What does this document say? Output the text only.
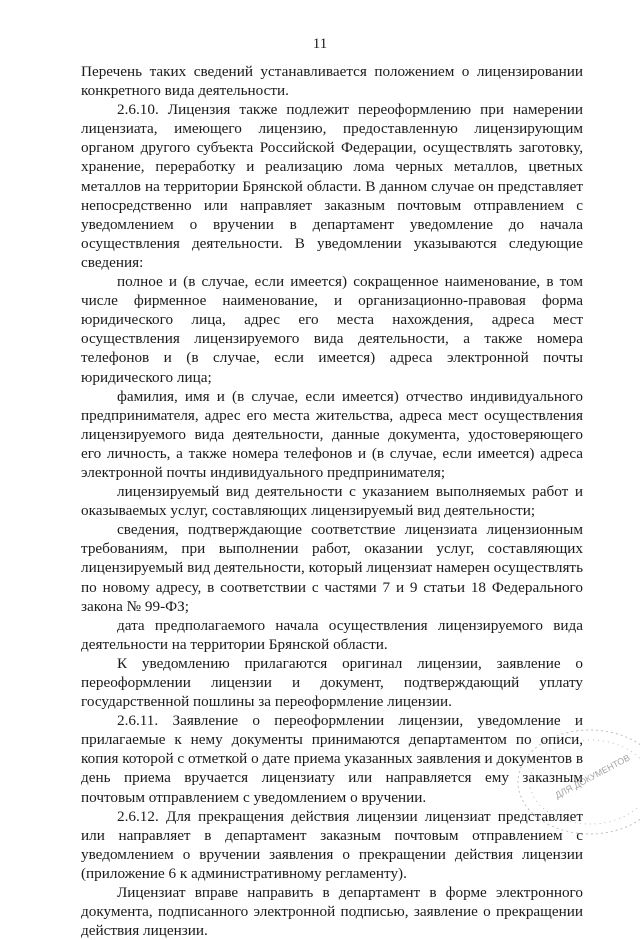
11

Перечень таких сведений устанавливается положением о лицензировании конкретного вида деятельности.

2.6.10. Лицензия также подлежит переоформлению при намерении лицензиата, имеющего лицензию, предоставленную лицензирующим органом другого субъекта Российской Федерации, осуществлять заготовку, хранение, переработку и реализацию лома черных металлов, цветных металлов на территории Брянской области. В данном случае он представляет непосредственно или направляет заказным почтовым отправлением с уведомлением о вручении в департамент уведомление до начала осуществления деятельности. В уведомлении указываются следующие сведения:

полное и (в случае, если имеется) сокращенное наименование, в том числе фирменное наименование, и организационно-правовая форма юридического лица, адрес его места нахождения, адреса мест осуществления лицензируемого вида деятельности, а также номера телефонов и (в случае, если имеется) адреса электронной почты юридического лица;

фамилия, имя и (в случае, если имеется) отчество индивидуального предпринимателя, адрес его места жительства, адреса мест осуществления лицензируемого вида деятельности, данные документа, удостоверяющего его личность, а также номера телефонов и (в случае, если имеется) адреса электронной почты индивидуального предпринимателя;

лицензируемый вид деятельности с указанием выполняемых работ и оказываемых услуг, составляющих лицензируемый вид деятельности;

сведения, подтверждающие соответствие лицензиата лицензионным требованиям, при выполнении работ, оказании услуг, составляющих лицензируемый вид деятельности, который лицензиат намерен осуществлять по новому адресу, в соответствии с частями 7 и 9 статьи 18 Федерального закона № 99-ФЗ;

дата предполагаемого начала осуществления лицензируемого вида деятельности на территории Брянской области.

К уведомлению прилагаются оригинал лицензии, заявление о переоформлении лицензии и документ, подтверждающий уплату государственной пошлины за переоформление лицензии.

2.6.11. Заявление о переоформлении лицензии, уведомление и прилагаемые к нему документы принимаются департаментом по описи, копия которой с отметкой о дате приема указанных заявления и документов в день приема вручается лицензиату или направляется ему заказным почтовым отправлением с уведомлением о вручении.

2.6.12. Для прекращения действия лицензии лицензиат представляет или направляет в департамент заказным почтовым отправлением с уведомлением о вручении заявления о прекращении действия лицензии (приложение 6 к административному регламенту).

Лицензиат вправе направить в департамент в форме электронного документа, подписанного электронной подписью, заявление о прекращении действия лицензии.

ДЛЯ ДОКУМЕНТОВ
